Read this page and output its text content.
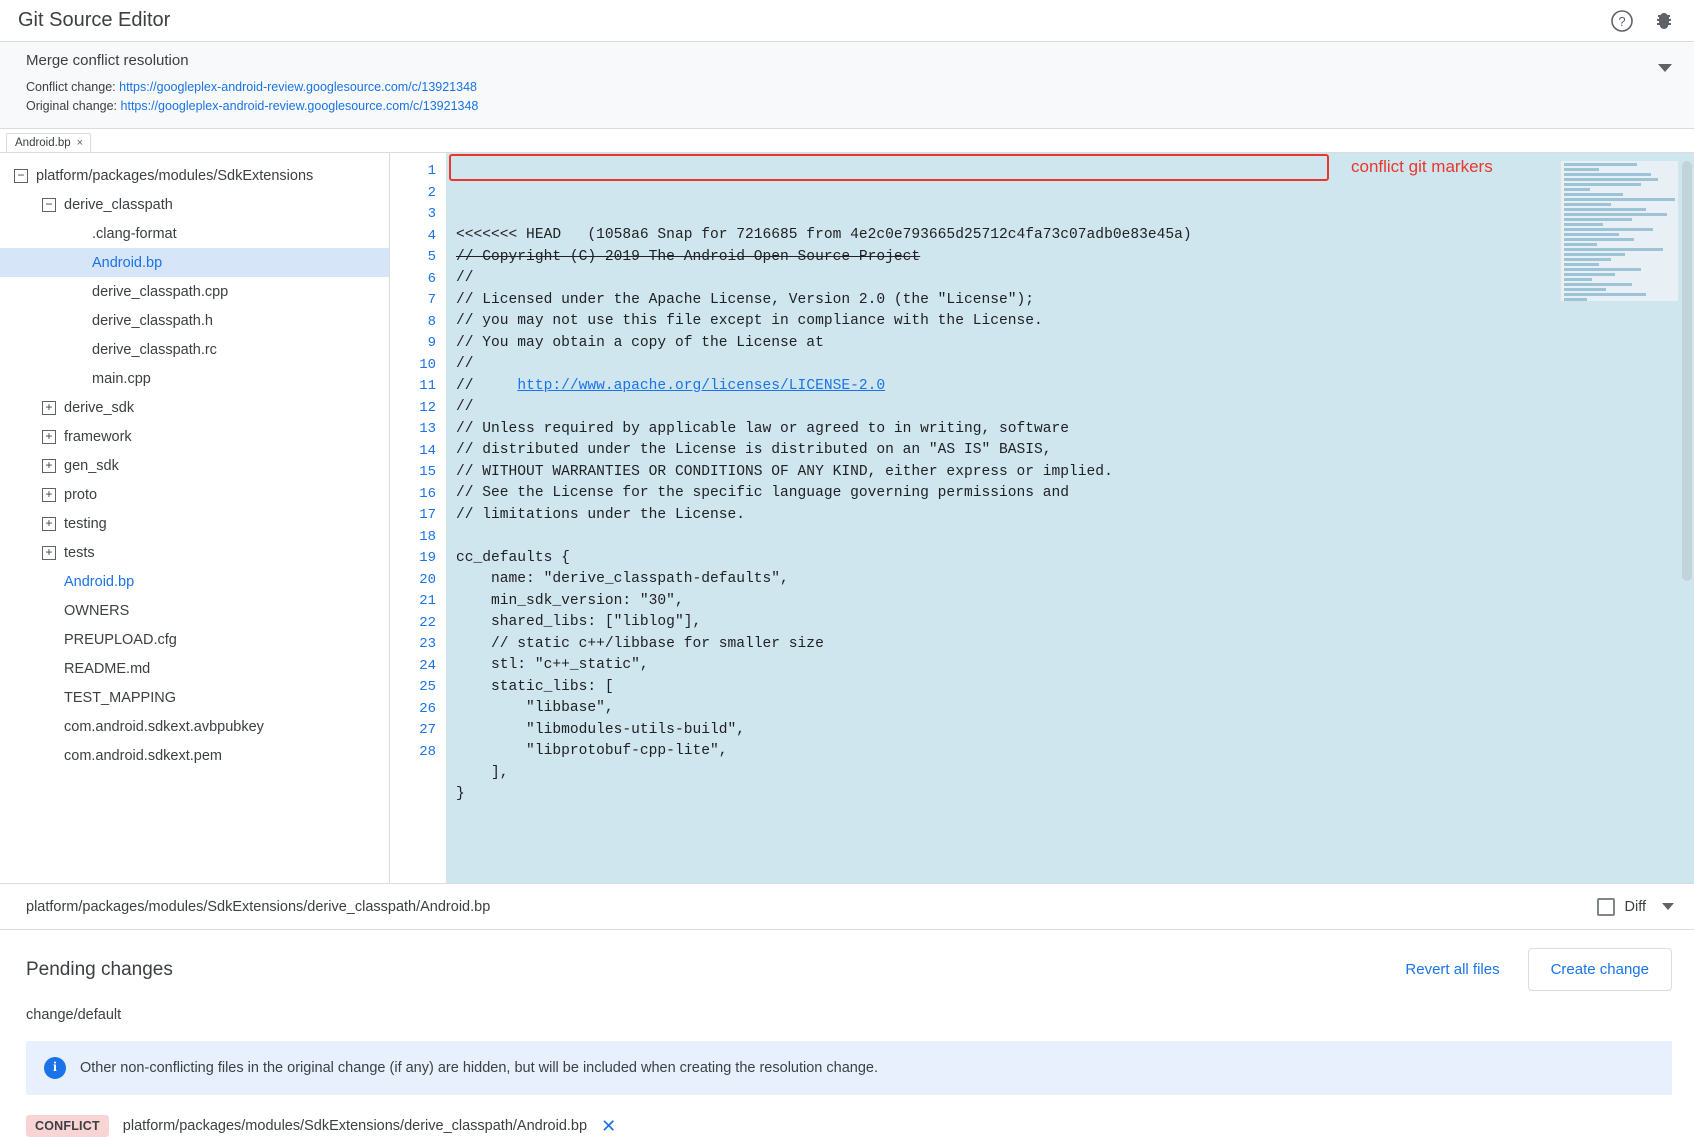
Git Source Editor	?
Merge conflict resolution
Conflict change: https://googleplex-android-review.googlesource.com/c/13921348
Original change: https://googleplex-android-review.googlesource.com/c/13921348
Android.bp ×
− platform/packages/modules/SdkExtensions
− derive_classpath
.clang-format
Android.bp
derive_classpath.cpp
derive_classpath.h
derive_classpath.rc
main.cpp
+ derive_sdk
+ framework
+ gen_sdk
+ proto
+ testing
+ tests
Android.bp
OWNERS
PREUPLOAD.cfg
README.md
TEST_MAPPING
com.android.sdkext.avbpubkey
com.android.sdkext.pem
1
2
3
4
5
6
7
8
9
10
11
12
13
14
15
16
17
18
19
20
21
22
23
24
25
26
27
28

conflict git markers

<<<<<<< HEAD   (1058a6 Snap for 7216685 from 4e2c0e793665d25712c4fa73c07adb0e83e45a)
// Copyright (C) 2019 The Android Open Source Project
//
// Licensed under the Apache License, Version 2.0 (the "License");
// you may not use this file except in compliance with the License.
// You may obtain a copy of the License at
//
//     http://www.apache.org/licenses/LICENSE-2.0
//
// Unless required by applicable law or agreed to in writing, software
// distributed under the License is distributed on an "AS IS" BASIS,
// WITHOUT WARRANTIES OR CONDITIONS OF ANY KIND, either express or implied.
// See the License for the specific language governing permissions and
// limitations under the License.
cc_defaults {
name: "derive_classpath-defaults",
min_sdk_version: "30",
shared_libs: ["liblog"],
// static c++/libbase for smaller size
stl: "c++_static",
static_libs: [
"libbase",
"libmodules-utils-build",
"libprotobuf-cpp-lite",
],
}
platform/packages/modules/SdkExtensions/derive_classpath/Android.bp	Diff
Pending changes	Revert all files	Create change
change/default
i	Other non-conflicting files in the original change (if any) are hidden, but will be included when creating the resolution change.
CONFLICT	platform/packages/modules/SdkExtensions/derive_classpath/Android.bp ✕
